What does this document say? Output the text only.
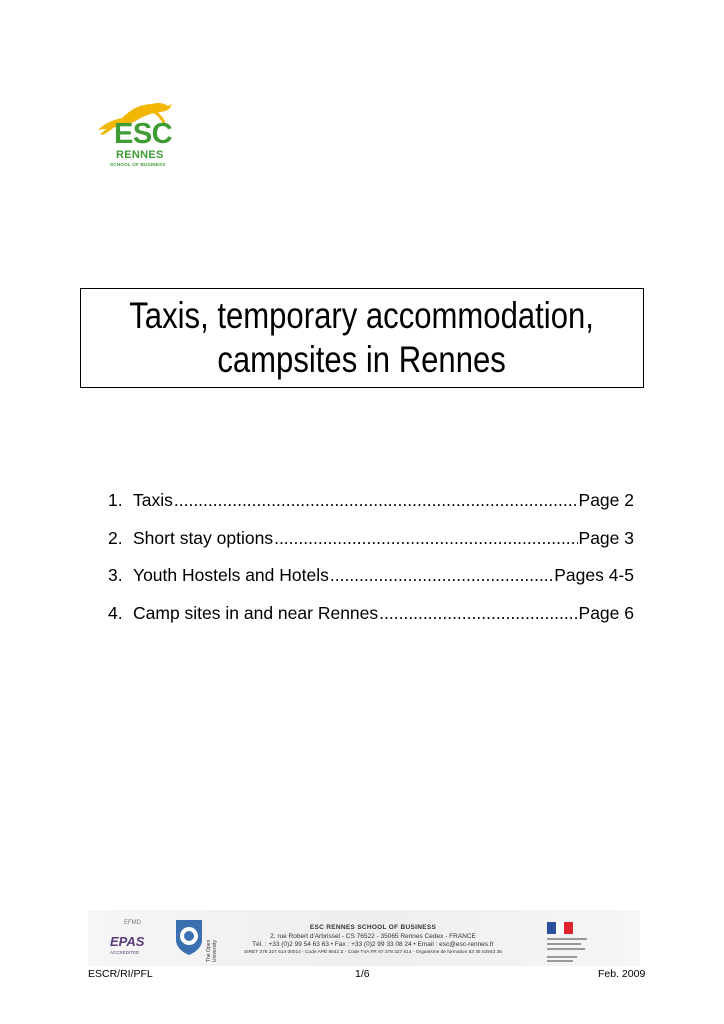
ESC
RENNES
SCHOOL OF BUSINESS
Taxis, temporary accommodation,
campsites in Rennes
1. Taxis .....	Page 2
2. Short stay options .....	Page 3
3. Youth Hostels and Hotels .....	Pages 4-5
4. Camp sites in and near Rennes .....	Page 6
EFMD
EPAS
ACCREDITED	The Open University
ESC RENNES SCHOOL OF BUSINESS
2, rue Robert d'Arbrissel - CS 76522 - 35065 Rennes Cedex - FRANCE
Tél. : +33 (0)2 99 54 63 63 • Fax : +33 (0)2 99 33 08 24 • Email : esc@esc-rennes.fr
SIRET 378 327 514 00014 - Code APE 8542 Z - Code TVA FR 67 378 327 514 - Organisme de formation 53 35 02943 35
ESCR/RI/PFL	1/6	Feb. 2009
